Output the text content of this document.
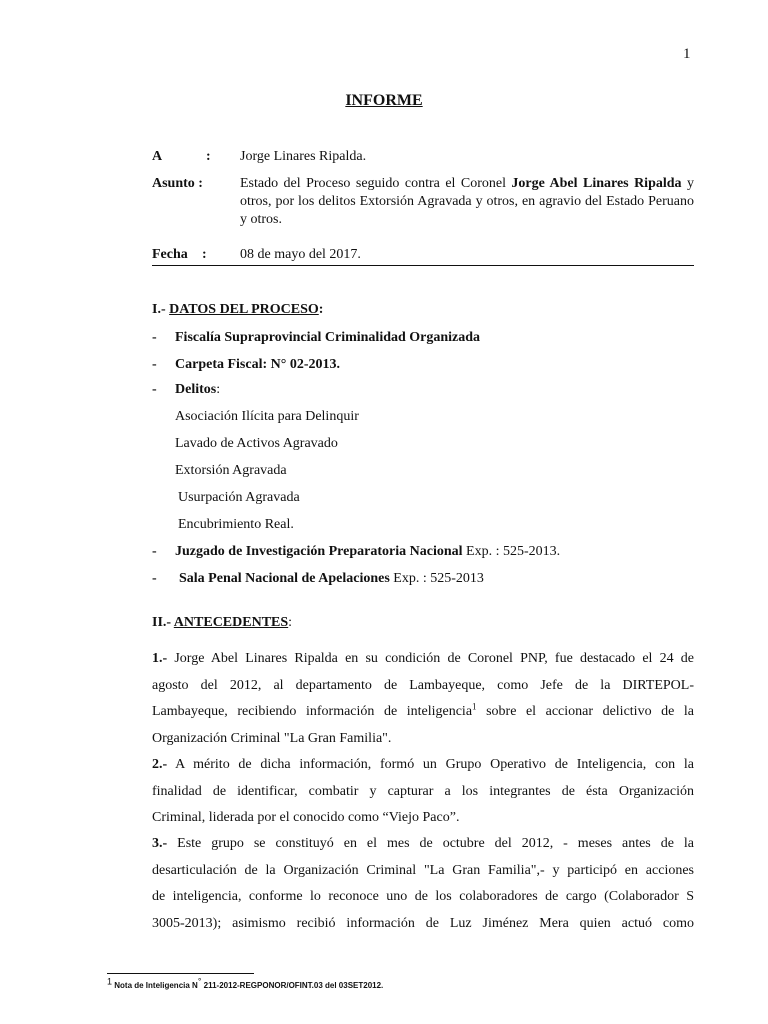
1
INFORME
A	: Jorge Linares Ripalda.
Asunto :	Estado del Proceso seguido contra el Coronel Jorge Abel Linares Ripalda y otros, por los delitos Extorsión Agravada y otros, en agravio del Estado Peruano y otros.
Fecha : 08 de mayo del 2017.
I.- DATOS DEL PROCESO:
- Fiscalía Supraprovincial Criminalidad Organizada
- Carpeta Fiscal: N° 02-2013.
- Delitos:
Asociación Ilícita para Delinquir
Lavado de Activos Agravado
Extorsión Agravada
Usurpación Agravada
Encubrimiento Real.
- Juzgado de Investigación Preparatoria Nacional Exp. : 525-2013.
- Sala Penal Nacional de Apelaciones Exp. : 525-2013
II.- ANTECEDENTES:
1.- Jorge Abel Linares Ripalda en su condición de Coronel PNP, fue destacado el 24 de
agosto del 2012, al departamento de Lambayeque, como Jefe de la DIRTEPOL-
Lambayeque, recibiendo información de inteligencia$^1$ sobre el accionar delictivo de la
Organización Criminal "La Gran Familia".
2.- A mérito de dicha información, formó un Grupo Operativo de Inteligencia, con la
finalidad de identificar, combatir y capturar a los integrantes de ésta Organización
Criminal, liderada por el conocido como “Viejo Paco”.
3.- Este grupo se constituyó en el mes de octubre del 2012, - meses antes de la
desarticulación de la Organización Criminal "La Gran Familia",- y participó en acciones
de inteligencia, conforme lo reconoce uno de los colaboradores de cargo (Colaborador S
3005-2013); asimismo recibió información de Luz Jiménez Mera quien actuó como
$^1$ Nota de Inteligencia N° 211-2012-REGPONOR/OFINT.03 del 03SET2012.
